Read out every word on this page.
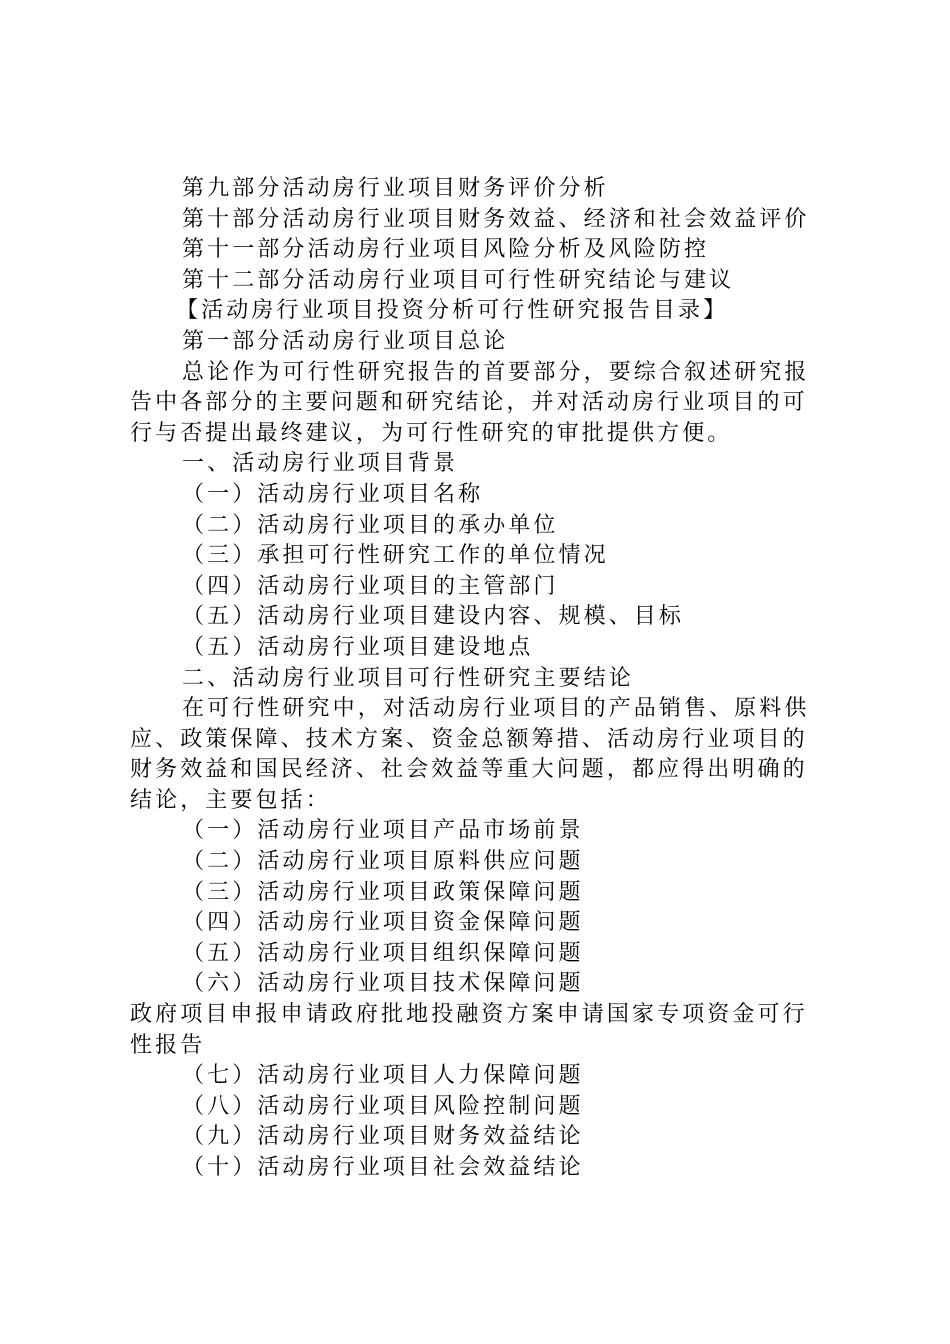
第九部分活动房行业项目财务评价分析
第十部分活动房行业项目财务效益、经济和社会效益评价
第十一部分活动房行业项目风险分析及风险防控
第十二部分活动房行业项目可行性研究结论与建议
【活动房行业项目投资分析可行性研究报告目录】
第一部分活动房行业项目总论
总论作为可行性研究报告的首要部分，要综合叙述研究报告中各部分的主要问题和研究结论，并对活动房行业项目的可行与否提出最终建议，为可行性研究的审批提供方便。
一、活动房行业项目背景
（一）活动房行业项目名称
（二）活动房行业项目的承办单位
（三）承担可行性研究工作的单位情况
（四）活动房行业项目的主管部门
（五）活动房行业项目建设内容、规模、目标
（五）活动房行业项目建设地点
二、活动房行业项目可行性研究主要结论
在可行性研究中，对活动房行业项目的产品销售、原料供应、政策保障、技术方案、资金总额筹措、活动房行业项目的财务效益和国民经济、社会效益等重大问题，都应得出明确的结论，主要包括：
（一）活动房行业项目产品市场前景
（二）活动房行业项目原料供应问题
（三）活动房行业项目政策保障问题
（四）活动房行业项目资金保障问题
（五）活动房行业项目组织保障问题
（六）活动房行业项目技术保障问题
政府项目申报申请政府批地投融资方案申请国家专项资金可行性报告
（七）活动房行业项目人力保障问题
（八）活动房行业项目风险控制问题
（九）活动房行业项目财务效益结论
（十）活动房行业项目社会效益结论
